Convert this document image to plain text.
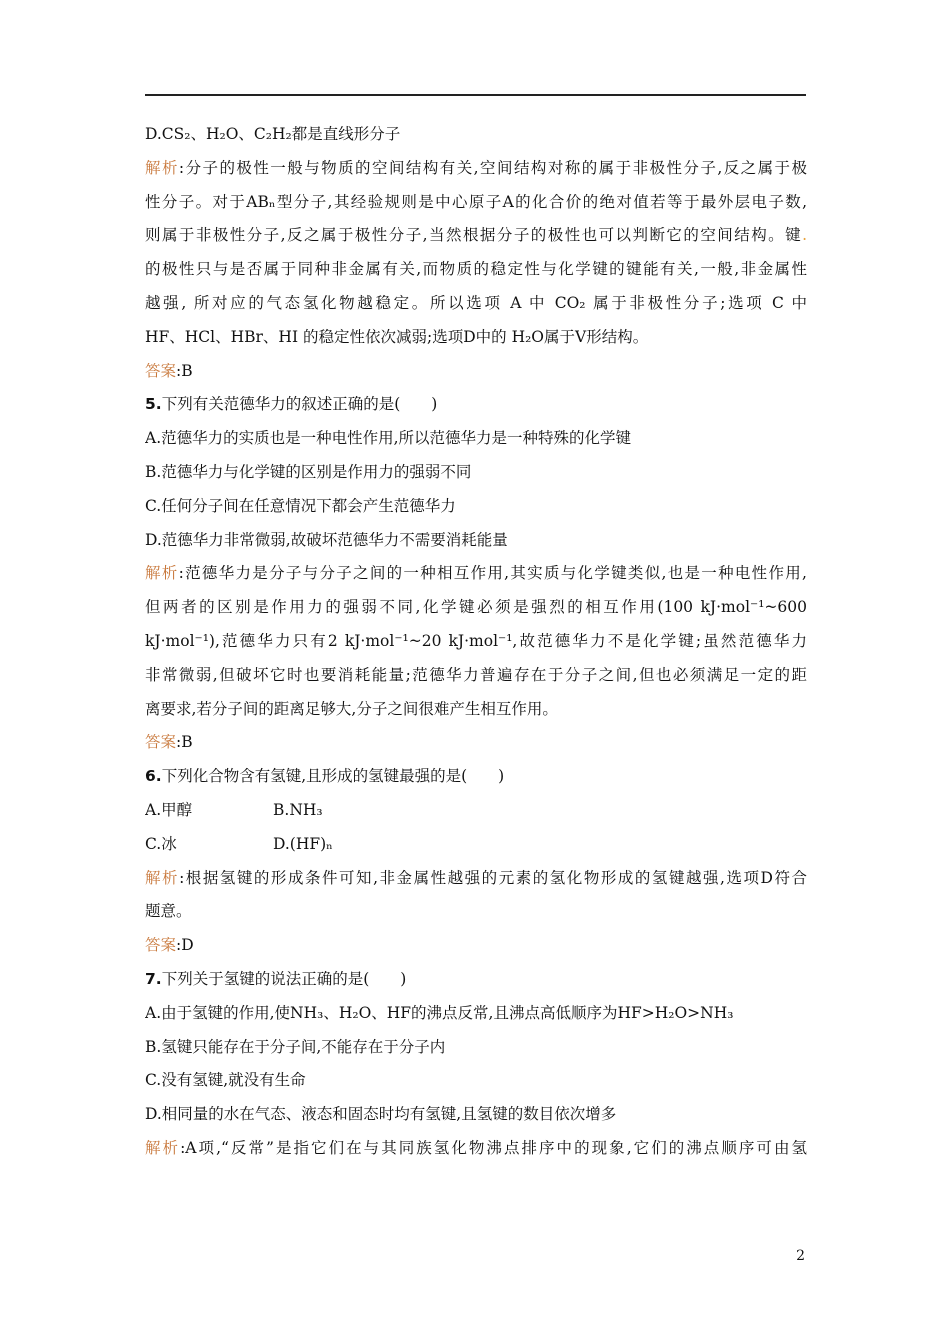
D.CS₂、H₂O、C₂H₂都是直线形分子
解析:分子的极性一般与物质的空间结构有关,空间结构对称的属于非极性分子,反之属于极
性分子。对于ABₙ型分子,其经验规则是中心原子A的化合价的绝对值若等于最外层电子数,
则属于非极性分子,反之属于极性分子,当然根据分子的极性也可以判断它的空间结构。键.
的极性只与是否属于同种非金属有关,而物质的稳定性与化学键的键能有关,一般,非金属性
越强, 所对应的气态氢化物越稳定。所以选项 A 中 CO₂ 属于非极性分子;选项 C 中
HF、HCl、HBr、HI 的稳定性依次减弱;选项D中的 H₂O属于V形结构。
答案:B
5.下列有关范德华力的叙述正确的是(　　)
A.范德华力的实质也是一种电性作用,所以范德华力是一种特殊的化学键
B.范德华力与化学键的区别是作用力的强弱不同
C.任何分子间在任意情况下都会产生范德华力
D.范德华力非常微弱,故破坏范德华力不需要消耗能量
解析:范德华力是分子与分子之间的一种相互作用,其实质与化学键类似,也是一种电性作用,
但两者的区别是作用力的强弱不同,化学键必须是强烈的相互作用(100 kJ·mol⁻¹~600
kJ·mol⁻¹),范德华力只有2 kJ·mol⁻¹~20 kJ·mol⁻¹,故范德华力不是化学键;虽然范德华力
非常微弱,但破坏它时也要消耗能量;范德华力普遍存在于分子之间,但也必须满足一定的距
离要求,若分子间的距离足够大,分子之间很难产生相互作用。
答案:B
6.下列化合物含有氢键,且形成的氢键最强的是(　　)
A.甲醇	B.NH₃
C.冰	D.(HF)ₙ
解析:根据氢键的形成条件可知,非金属性越强的元素的氢化物形成的氢键越强,选项D符合
题意。
答案:D
7.下列关于氢键的说法正确的是(　　)
A.由于氢键的作用,使NH₃、H₂O、HF的沸点反常,且沸点高低顺序为HF>H₂O>NH₃
B.氢键只能存在于分子间,不能存在于分子内
C.没有氢键,就没有生命
D.相同量的水在气态、液态和固态时均有氢键,且氢键的数目依次增多
解析:A项,“反常”是指它们在与其同族氢化物沸点排序中的现象,它们的沸点顺序可由氢
2
